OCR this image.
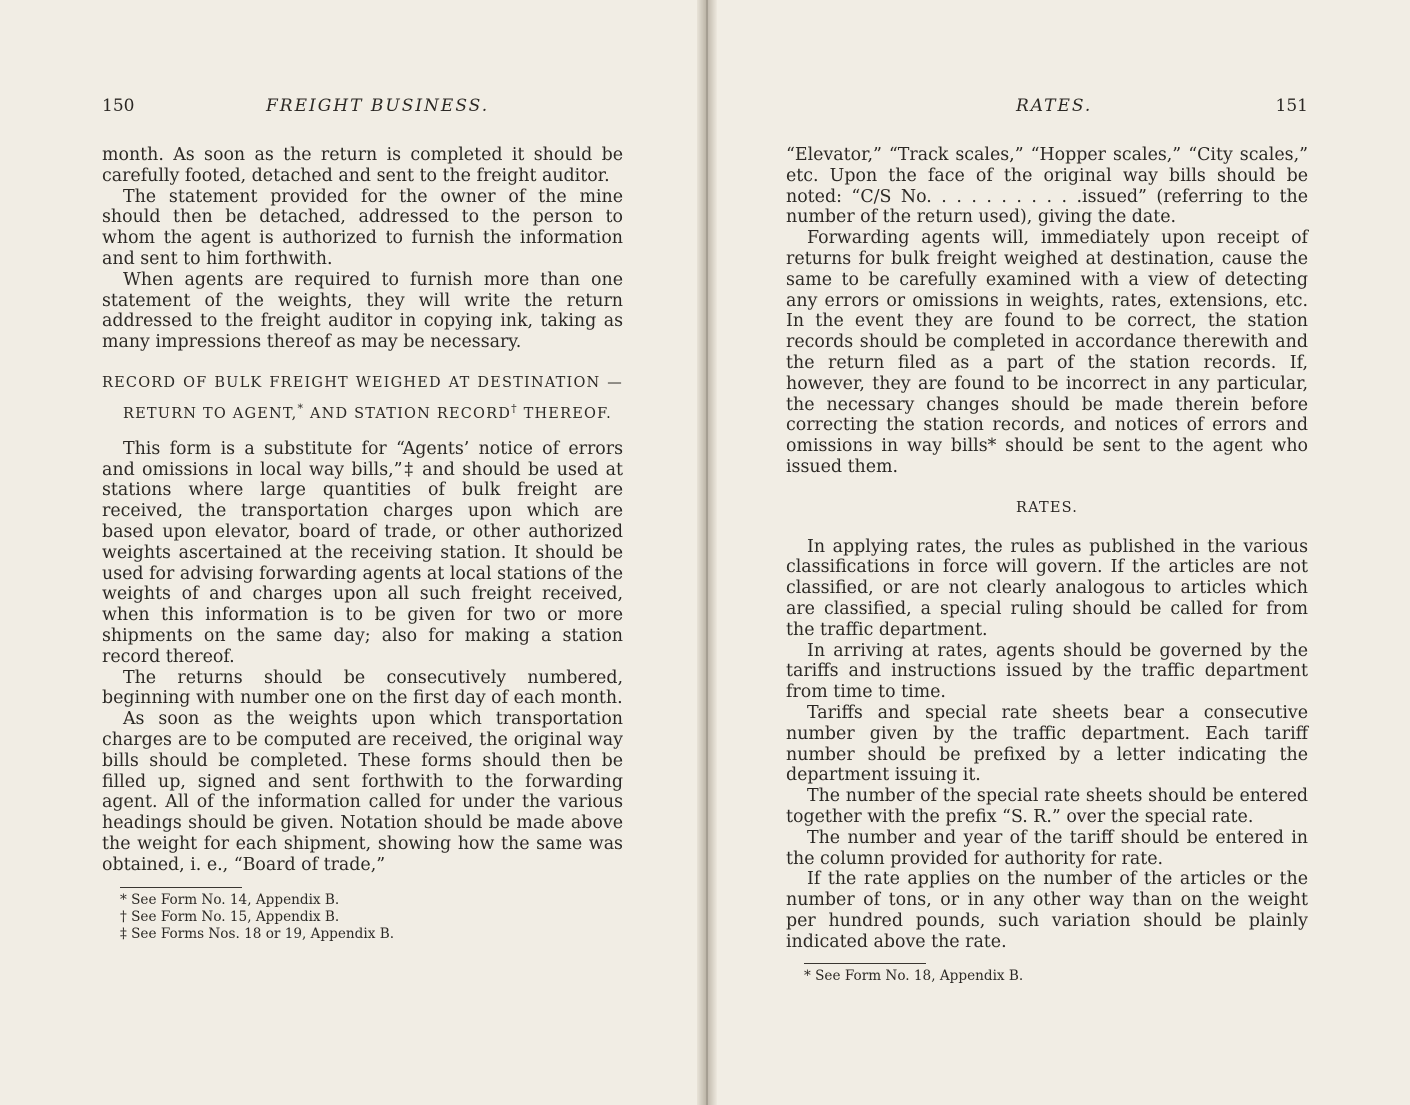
150	FREIGHT BUSINESS.

month. As soon as the return is completed it should be carefully footed, detached and sent to the freight auditor.

The statement provided for the owner of the mine should then be detached, addressed to the person to whom the agent is authorized to furnish the information and sent to him forthwith.

When agents are required to furnish more than one statement of the weights, they will write the return addressed to the freight auditor in copying ink, taking as many impressions thereof as may be necessary.

RECORD OF BULK FREIGHT WEIGHED AT DESTINATION — RETURN TO AGENT,* AND STATION RECORD† THEREOF.

This form is a substitute for “Agents’ notice of errors and omissions in local way bills,”‡ and should be used at stations where large quantities of bulk freight are received, the transportation charges upon which are based upon elevator, board of trade, or other authorized weights ascertained at the receiving station. It should be used for advising forwarding agents at local stations of the weights of and charges upon all such freight received, when this information is to be given for two or more shipments on the same day; also for making a station record thereof.

The returns should be consecutively numbered, beginning with number one on the first day of each month.

As soon as the weights upon which transportation charges are to be computed are received, the original way bills should be completed. These forms should then be filled up, signed and sent forthwith to the forwarding agent. All of the information called for under the various headings should be given. Notation should be made above the weight for each shipment, showing how the same was obtained, i. e., “Board of trade,”

* See Form No. 14, Appendix B.

† See Form No. 15, Appendix B.

‡ See Forms Nos. 18 or 19, Appendix B.

RATES.	151

“Elevator,” “Track scales,” “Hopper scales,” “City scales,” etc. Upon the face of the original way bills should be noted: “C/S No. . . . . . . . . . .issued” (referring to the number of the return used), giving the date.

Forwarding agents will, immediately upon receipt of returns for bulk freight weighed at destination, cause the same to be carefully examined with a view of detecting any errors or omissions in weights, rates, extensions, etc. In the event they are found to be correct, the station records should be completed in accordance therewith and the return filed as a part of the station records. If, however, they are found to be incorrect in any particular, the necessary changes should be made therein before correcting the station records, and notices of errors and omissions in way bills* should be sent to the agent who issued them.

RATES.

In applying rates, the rules as published in the various classifications in force will govern. If the articles are not classified, or are not clearly analogous to articles which are classified, a special ruling should be called for from the traffic department.

In arriving at rates, agents should be governed by the tariffs and instructions issued by the traffic department from time to time.

Tariffs and special rate sheets bear a consecutive number given by the traffic department. Each tariff number should be prefixed by a letter indicating the department issuing it.

The number of the special rate sheets should be entered together with the prefix “S. R.” over the special rate.

The number and year of the tariff should be entered in the column provided for authority for rate.

If the rate applies on the number of the articles or the number of tons, or in any other way than on the weight per hundred pounds, such variation should be plainly indicated above the rate.

* See Form No. 18, Appendix B.
